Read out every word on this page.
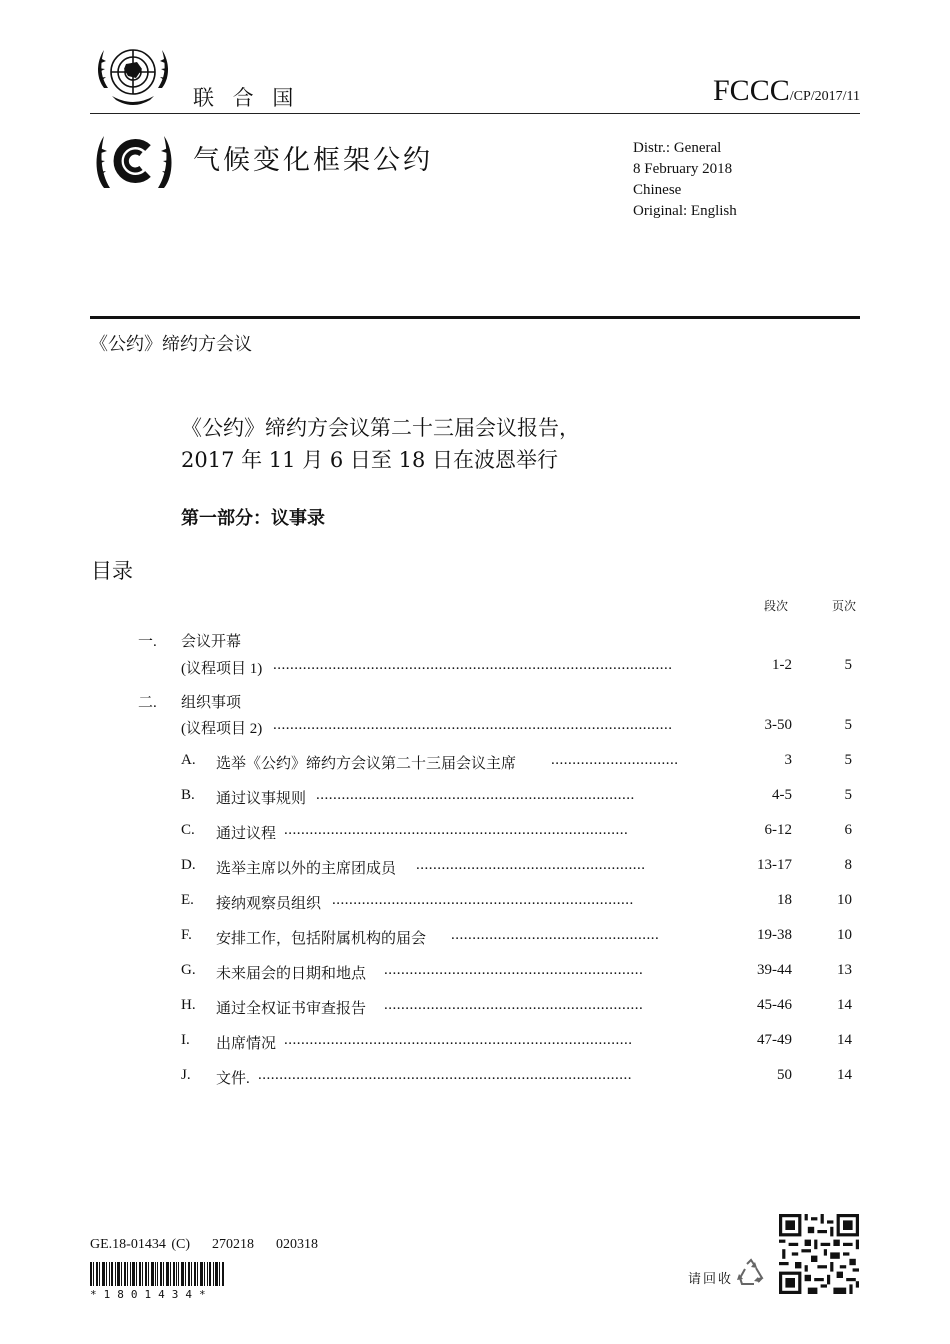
联 合 国	FCCC/CP/2017/11
气候变化框架公约	Distr.: General
8 February 2018
Chinese
Original: English
《公约》缔约方会议
《公约》缔约方会议第二十三届会议报告，
2017 年 11 月 6 日至 18 日在波恩举行
第一部分：议事录
目录
段次	页次
一. 会议开幕
(议程项目 1) ..............................................................................................	1-2	5
二. 组织事项
(议程项目 2) ..............................................................................................	3-50	5
A. 选举《公约》缔约方会议第二十三届会议主席 ..............................	3	5
B. 通过议事规则 ...........................................................................	4-5	5
C. 通过议程 .................................................................................	6-12	6
D. 选举主席以外的主席团成员 ......................................................	13-17	8
E. 接纳观察员组织 .......................................................................	18	10
F. 安排工作，包括附属机构的届会 .................................................	19-38	10
G. 未来届会的日期和地点 .............................................................	39-44	13
H. 通过全权证书审查报告 .............................................................	45-46	14
I. 出席情况 ..................................................................................	47-49	14
J. 文件. ........................................................................................	50	14
GE.18-01434 (C) 270218 020318
*1801434*
请回收
